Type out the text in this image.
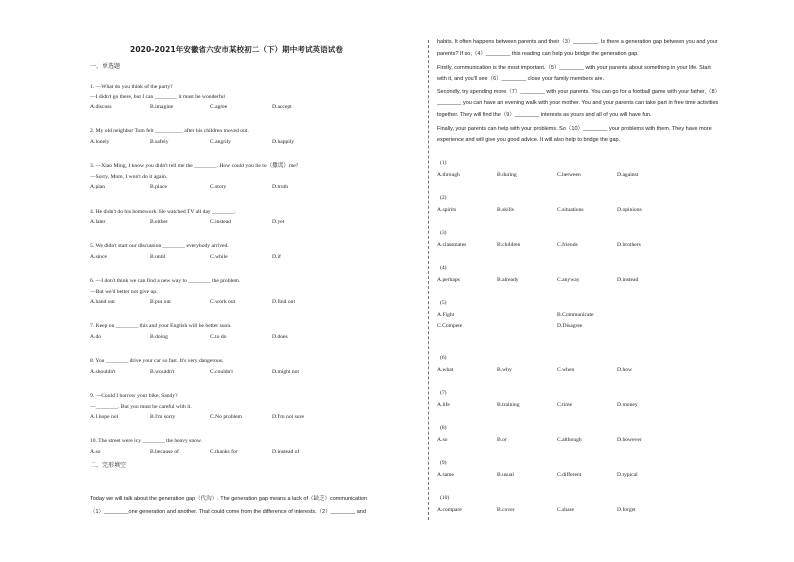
2020-2021年安徽省六安市某校初二（下）期中考试英语试卷
一、单选题
1. —What do you think of the party?
—I didn't go there, but I can ________ it must be wonderful
A.discuss	B.imagine	C.agree	D.accept
2. My old neighbor Tom felt __________ after his children moved out.
A.lonely	B.safely	C.angrily	D.happily
3. —Xiao Ming, I know you didn't tell me the ________. How could you lie to（撒谎）me?
—Sorry, Mum, I won't do it again.
A.plan	B.place	C.story	D.truth
4. He didn't do his homework. He watched TV all day ________.
A.later	B.either	C.instead	D.yet
5. We didn't start our discussion ________ everybody arrived.
A.since	B.until	C.while	D.if
6. —I don't think we can find a new way to ________ the problem.
—But we'd better not give up.
A.hand out	B.put out	C.work out	D.find out
7. Keep on ________ this and your English will be better soon.
A.do	B.doing	C.to do	D.does
8. You ________ drive your car so fast. It's very dangerous.
A.shouldn't	B.wouldn't	C.couldn't	D.might not
9. —Could I borrow your bike, Sandy?
—________. But you must be careful with it.
A.I hope not	B.I'm sorry	C.No problem	D.I'm not sure
10. The street were icy ________ the heavy snow.
A.so	B.because of	C.thanks for	D.instead of
二、完形填空
Today we will talk about the generation gap（代沟）. The generation gap means a lack of（缺乏）communication
（1）________one generation and another. That could come from the difference of interests,（2）________ and
habits. It often happens between parents and their（3）________. Is there a generation gap between you and your
parents? If so,（4）________ this reading can help you bridge the generation gap.
Firstly, communication is the most important.（5）________ with your parents about something in your life. Start
with it, and you'll see（6）________ close your family members are.
Secondly, try spending more（7）________ with your parents. You can go for a football game with your father,（8）
________ you can have an evening walk with your mother. You and your parents can take part in free time activities
together. They will find the（9）________ interests as yours and all of you will have fun.
Finally, your parents can help with your problems. So（10）________ your problems with them. They have more
experience and will give you good advice. It will also help to bridge the gap.
(1)
A.through	B.during	C.between	D.against
(2)
A.spirits	B.skills	C.situations	D.opinions
(3)
A.classmates	B.children	C.friends	D.brothers
(4)
A.perhaps	B.already	C.anyway	D.instead
(5)
A.Fight	B.Communicate
C.Compete	D.Disagree
(6)
A.what	B.why	C.when	D.how
(7)
A.life	B.training	C.time	D.money
(8)
A.so	B.or	C.although	D.however
(9)
A.same	B.usual	C.different	D.typical
(10)
A.compare	B.cover	C.share	D.forget
